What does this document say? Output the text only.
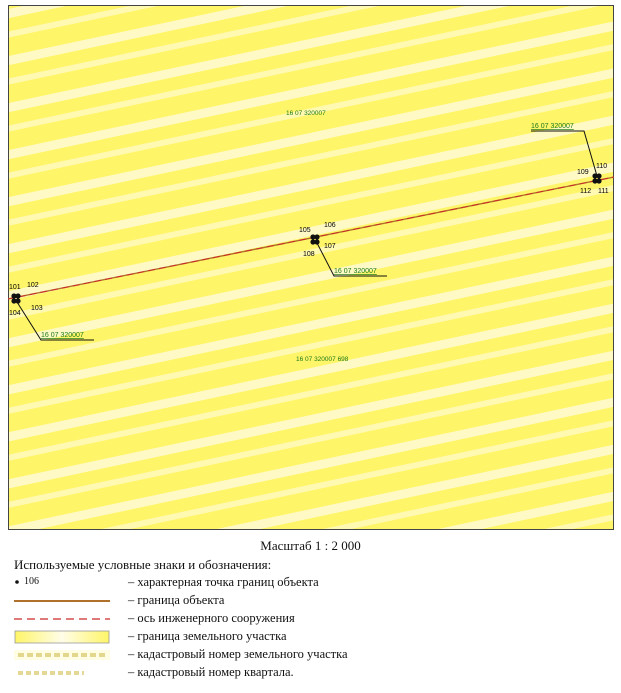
16 07 320007
16 07 320007 698
101 102
103
104
16 07 320007
105
106
107
108
16 07 320007
109
110
111
112
16 07 320007
Масштаб 1 : 2 000
Используемые условные знаки и обозначения:
106	– характерная точка границ объекта
– граница объекта
– ось инженерного сооружения
– граница земельного участка
– кадастровый номер земельного участка
– кадастровый номер квартала.
